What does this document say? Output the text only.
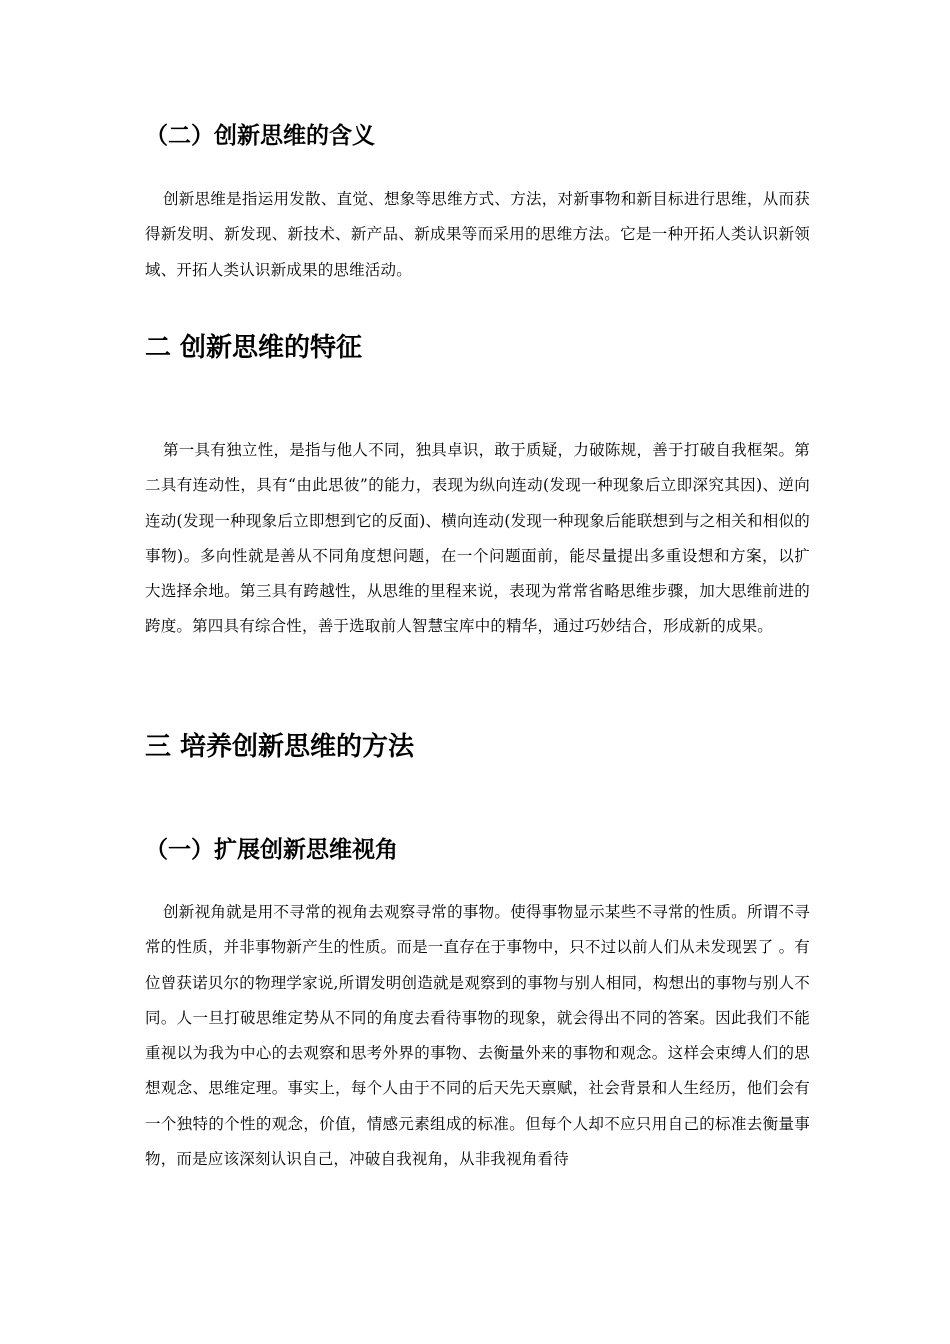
（二）创新思维的含义

创新思维是指运用发散、直觉、想象等思维方式、方法，对新事物和新目标进行思维，从而获得新发明、新发现、新技术、新产品、新成果等而采用的思维方法。它是一种开拓人类认识新领域、开拓人类认识新成果的思维活动。

二 创新思维的特征

第一具有独立性，是指与他人不同，独具卓识，敢于质疑，力破陈规，善于打破自我框架。第二具有连动性，具有“由此思彼”的能力，表现为纵向连动(发现一种现象后立即深究其因)、逆向连动(发现一种现象后立即想到它的反面)、横向连动(发现一种现象后能联想到与之相关和相似的事物)。多向性就是善从不同角度想问题，在一个问题面前，能尽量提出多重设想和方案，以扩大选择余地。第三具有跨越性，从思维的里程来说，表现为常常省略思维步骤，加大思维前进的跨度。第四具有综合性，善于选取前人智慧宝库中的精华，通过巧妙结合，形成新的成果。

三 培养创新思维的方法
（一）扩展创新思维视角

创新视角就是用不寻常的视角去观察寻常的事物。使得事物显示某些不寻常的性质。所谓不寻常的性质，并非事物新产生的性质。而是一直存在于事物中，只不过以前人们从未发现罢了 。有位曾获诺贝尔的物理学家说,所谓发明创造就是观察到的事物与别人相同，构想出的事物与别人不同。人一旦打破思维定势从不同的角度去看待事物的现象，就会得出不同的答案。因此我们不能重视以为我为中心的去观察和思考外界的事物、去衡量外来的事物和观念。这样会束缚人们的思想观念、思维定理。事实上，每个人由于不同的后天先天禀赋，社会背景和人生经历，他们会有一个独特的个性的观念，价值，情感元素组成的标准。但每个人却不应只用自己的标准去衡量事物，而是应该深刻认识自己，冲破自我视角，从非我视角看待
